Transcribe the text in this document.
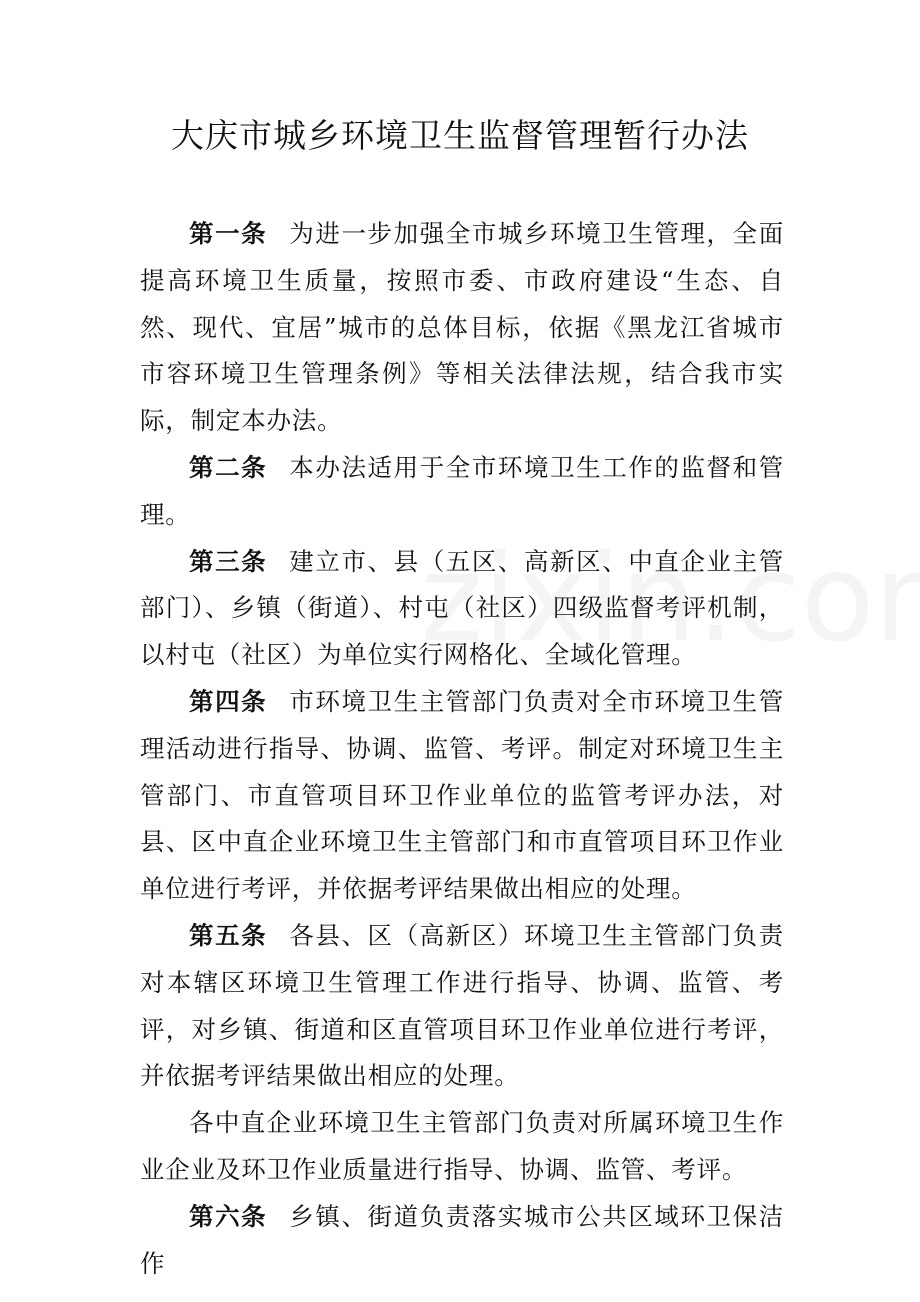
大庆市城乡环境卫生监督管理暂行办法

第一条 为进一步加强全市城乡环境卫生管理，全面提高环境卫生质量，按照市委、市政府建设“生态、自然、现代、宜居”城市的总体目标，依据《黑龙江省城市市容环境卫生管理条例》等相关法律法规，结合我市实际，制定本办法。

第二条 本办法适用于全市环境卫生工作的监督和管理。

第三条 建立市、县（五区、高新区、中直企业主管部门）、乡镇（街道）、村屯（社区）四级监督考评机制，以村屯（社区）为单位实行网格化、全域化管理。

第四条 市环境卫生主管部门负责对全市环境卫生管理活动进行指导、协调、监管、考评。制定对环境卫生主管部门、市直管项目环卫作业单位的监管考评办法，对县、区中直企业环境卫生主管部门和市直管项目环卫作业单位进行考评，并依据考评结果做出相应的处理。

第五条 各县、区（高新区）环境卫生主管部门负责对本辖区环境卫生管理工作进行指导、协调、监管、考评，对乡镇、街道和区直管项目环卫作业单位进行考评，并依据考评结果做出相应的处理。

各中直企业环境卫生主管部门负责对所属环境卫生作业企业及环卫作业质量进行指导、协调、监管、考评。

第六条 乡镇、街道负责落实城市公共区域环卫保洁作
